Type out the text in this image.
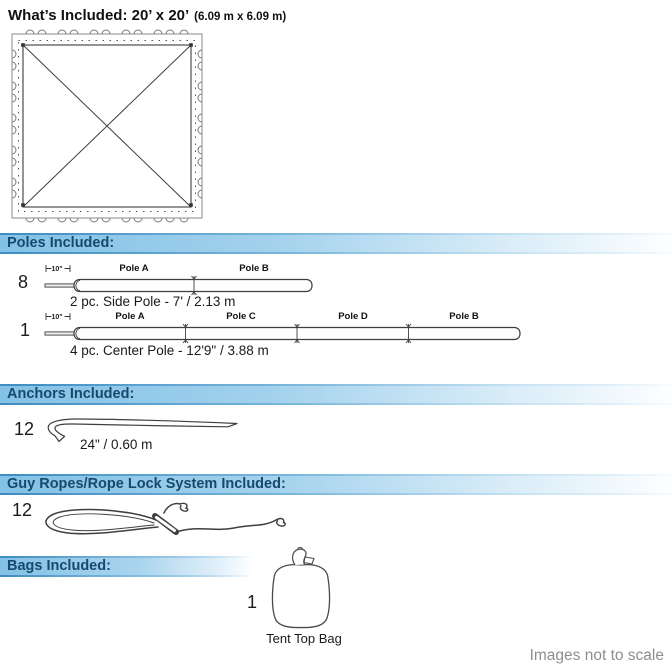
What’s Included: 20’ x 20’ (6.09 m x 6.09 m)
Poles Included:
8
10"	Pole A	Pole B
2 pc. Side Pole - 7' / 2.13 m
1
10"	Pole A	Pole C	Pole D	Pole B
4 pc. Center Pole - 12'9" / 3.88 m
Anchors Included:
12
24" / 0.60 m
Guy Ropes/Rope Lock System Included:
12
Bags Included:
1
Tent Top Bag
Images not to scale
